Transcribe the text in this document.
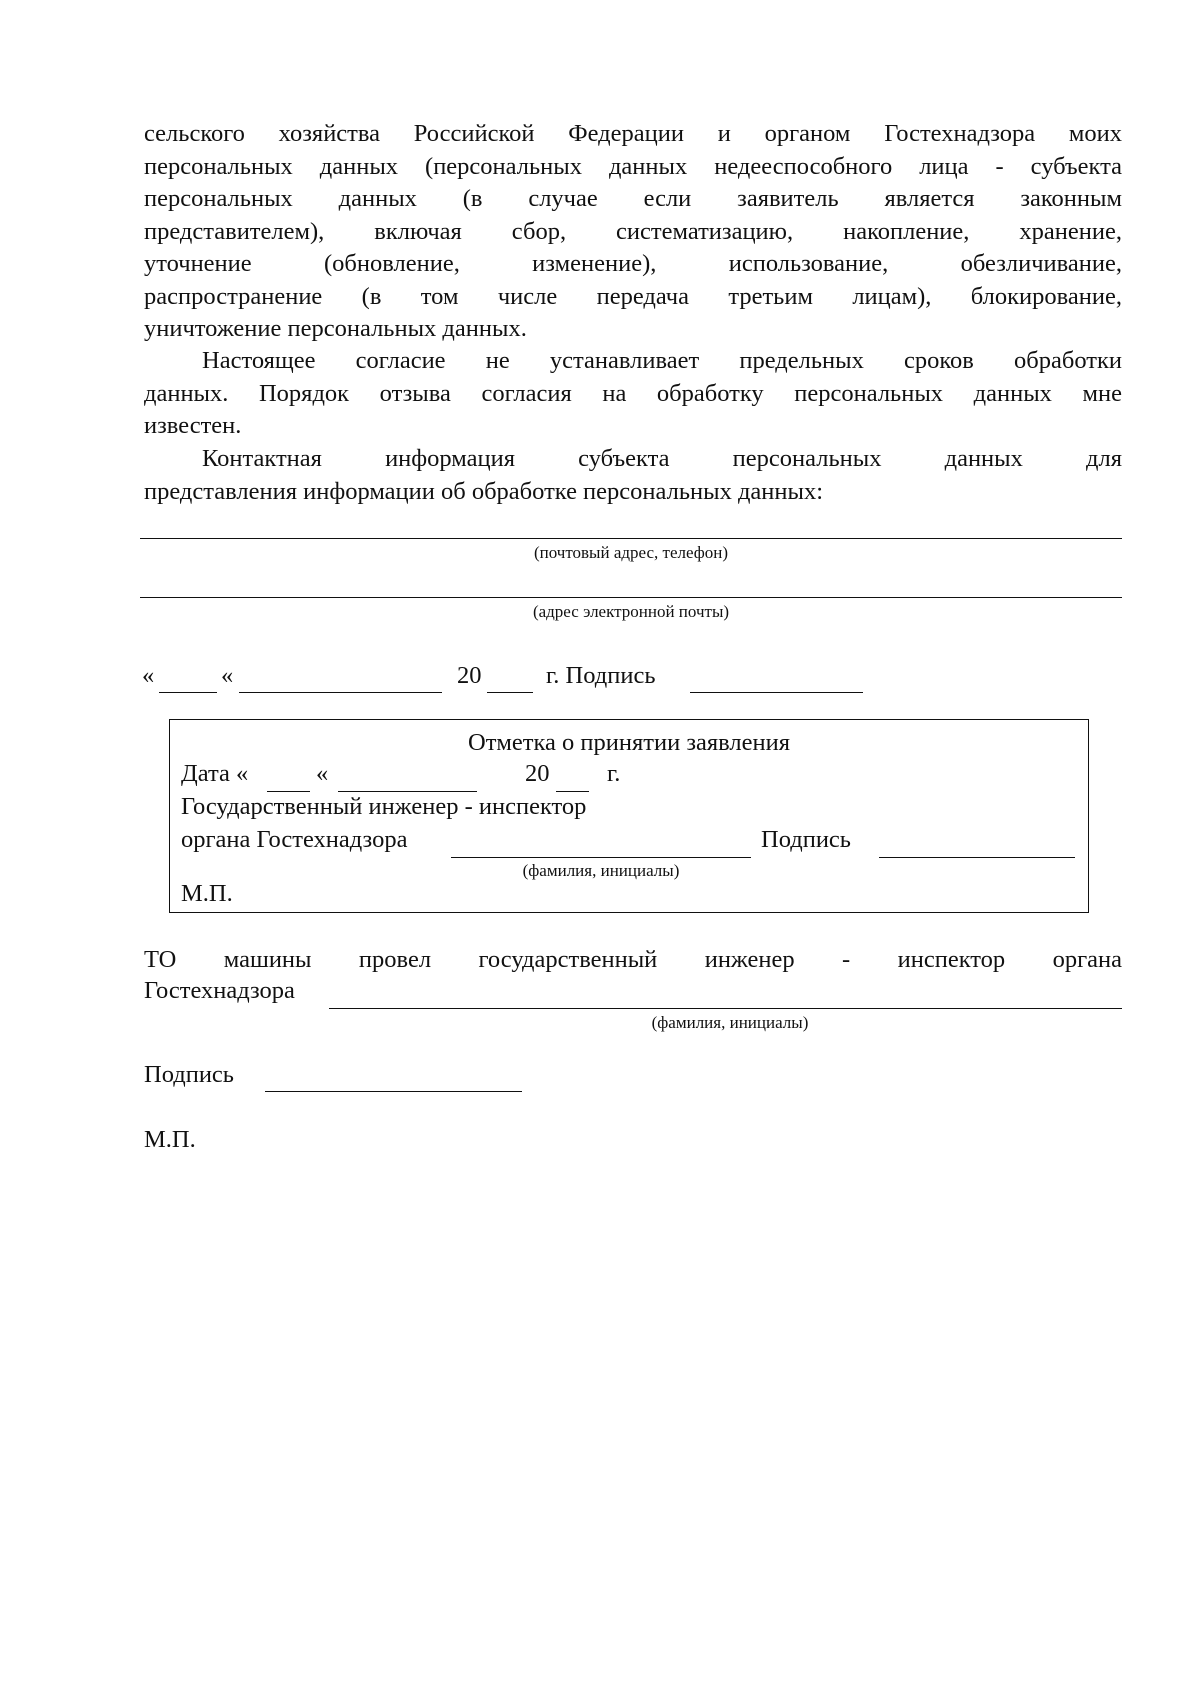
сельского хозяйства Российской Федерации и органом Гостехнадзора моих
персональных данных (персональных данных недееспособного лица - субъекта
персональных данных (в случае если заявитель является законным
представителем), включая сбор, систематизацию, накопление, хранение,
уточнение (обновление, изменение), использование, обезличивание,
распространение (в том числе передача третьим лицам), блокирование,
уничтожение персональных данных.
Настоящее согласие не устанавливает предельных сроков обработки
данных. Порядок отзыва согласия на обработку персональных данных мне
известен.
Контактная информация субъекта персональных данных для
представления информации об обработке персональных данных:
(почтовый адрес, телефон)
(адрес электронной почты)
«	«	20	г. Подпись
Отметка о принятии заявления
Дата «	«	20 г.
Государственный инженер - инспектор
органа Гостехнадзора	Подпись
(фамилия, инициалы)
М.П.
ТО машины провел государственный инженер - инспектор органа
Гостехнадзора
(фамилия, инициалы)
Подпись
М.П.
